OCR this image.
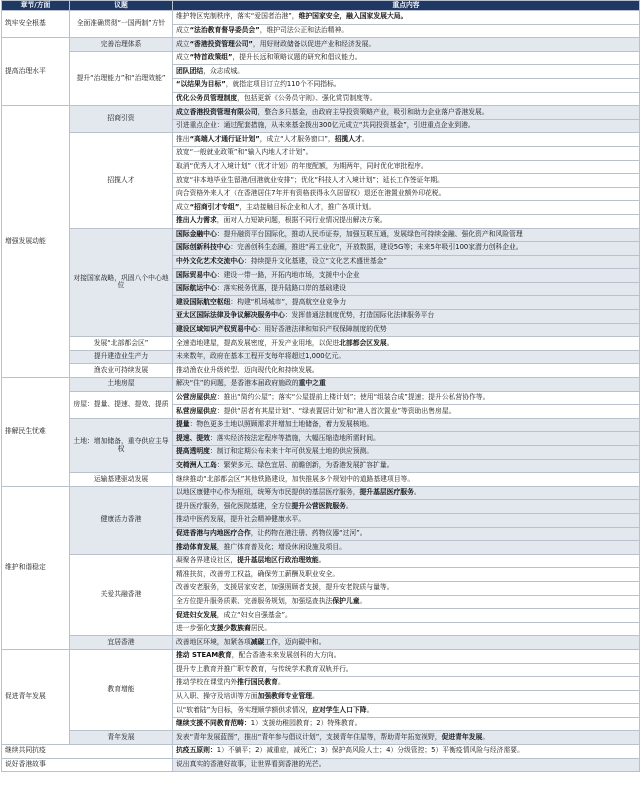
章节/方面	议题	重点内容
筑牢安全根基	全面准确贯彻“一国两制”方针	维护特区宪制秩序，落实“爱国者治港”，维护国家安全，融入国家发展大局。
		成立“法治教育督导委员会”，维护司法公正和法治精神。
提高治理水平	完善治理体系	成立“香港投资管理公司”，用好财政储备以促进产业和经济发展。
	提升“治理能力”和“治理效能”	成立“特首政策组”，提升长远和策略议题的研究和倡议能力。
		团队团结，众志成城。
		“以结果为目标”，就指定项目订立约110个不同指标。
		优化公务员管理制度，包括更新《公务员守则》、强化赏罚制度等。
增强发展动能	招商引资	成立香港投资管理有限公司，整合多只基金，由政府主导投资策略产业，吸引和助力企业落户香港发展。
		引进重点企业：通过配套措施，从未来基金拨出300亿元成立“共同投资基金”，引进重点企业到港。
	招揽人才	推出“高端人才通行证计划”，成立“人才服务窗口”，招揽人才。
		放宽“一般就业政策”和“输入内地人才计划”。
		取消“优秀人才入境计划”（优才计划）的年度配额，为期两年，同时优化审批程序。
		放宽“非本地毕业生留港/回港就业安排”；优化“科技人才入境计划”；延长工作签证年期。
		向合资格外来人才（在香港居住7年并有资格获得永久居留权）退还在港置业额外印花税。
		成立“招商引才专组”，主动接触目标企业和人才，推广各项计划。
		推出人力需求，面对人力短缺问题，根据不同行业情况提出解决方案。
	对接国家战略，巩固八个中心地位	国际金融中心：提升融资平台国际化，推动人民币证券，加强互联互通，发展绿色可持续金融、强化资产和风险管理
		国际创新科技中心：完善创科生态圈，推进“再工业化”，开放数据，建设5G等；未来5年吸引100家潜力创科企业。
		中外文化艺术交流中心：持续提升文化基建，设立“文化艺术盛世基金”
		国际贸易中心：建设一带一路，开拓内地市场，支援中小企业
		国际航运中心：落实税务优惠，提升陆路口岸的基础建设
		建设国际航空枢纽：构建“机场城市”，提高航空业竞争力
		亚太区国际法律及争议解决服务中心：发挥普通法制度优势，打造国际化法律服务平台
		建设区域知识产权贸易中心：用好香港法律和知识产权保障制度的优势
	发展“北部都会区”	全速造地建屋，提高发展密度，开发产业用地，以促进北部都会区发展。
	提升建造业生产力	未来数年，政府在基本工程开支每年将超过1,000亿元。
	渔农业可持续发展	推动渔农业升级转型、迈向现代化和持续发展。
排解民生忧难	土地房屋	解决“住”的问题，是香港本届政府施政的重中之重
	房屋：提量、提速、提效、提质	公营房屋供应：推出“简约公屋”；落实“公屋提前上楼计划”；使用“组装合成”提速；提升公私营协作等。
		私营房屋供应：提供“居者有其屋计划”、“绿表置居计划”和“港人首次置业”等资助出售房屋。
	土地：增加储备，重夺供应主导权	提量：物色更多土地以照顾需求并增加土地储备，着力发展核地。
		提速、提效：落实经济按法定程序等措施，大幅压缩造地所需时间。
		提高透明度：制订和定期公布未来十年可供发展土地的供应预测。
		交椅洲人工岛：繁荣多元、绿色宜居、前瞻创新，为香港发展扩容扩量。
	运输基建驱动发展	继续推动“北部都会区”其他铁路建设，加快推展多个规划中的道路基建项目等。
维护和谐稳定	健康活力香港	以地区康健中心作为枢纽，统筹为市民提供的基层医疗服务，提升基层医疗服务。
		提升医疗服务，强化医院基建，全方位提升公营医院服务。
		推动中医药发展，提升社会精神健康水平。
		促进香港与内地医疗合作，让药物在港注册、药物仪器“过河”。
		推动体育发展，推广体育普及化；增设休闲设施及项目。
	关爱共融香港	凝聚各界建设社区，提升基层地区行政治理效能。
		精准扶贫，改善劳工权益，确保劳工薪酬及职业安全。
		改善安老服务，支援居家安老，加强照顾者支援，提升安老院质与量等。
		全方位提升服务质素、完善服务规划，加强巡查执法保护儿童。
		促进妇女发展，成立“妇女自强基金”。
		进一步强化支援少数族裔居民。
	宜居香港	改善地区环境，加紧各项减碳工作，迈向碳中和。
促进青年发展	教育增能	推动 STEAM教育，配合香港未来发展创科的大方向。
		提升专上教育并推广职专教育，与传统学术教育双轨并行。
		推动学校在课堂内外推行国民教育。
		从入职、操守及培训等方面加强教师专业管理。
		以“软着陆”为目标，务实理顺学额供求情况，应对学生人口下降。
		继续支援不同教育范畴：1）支援幼稚园教育；2）特殊教育。
	青年发展	发表“青年发展蓝图”，推出“青年参与倡议计划”，支援青年住屋等，帮助青年拓宽视野，促进青年发展。
继续共同抗疫		抗疫五原则：1）不躺平；2）减重症，减死亡；3）保护高风险人士；4）分级管控；5）平衡疫情风险与经济需要。
说好香港故事		说出真实的香港好故事，让世界看到香港的光芒。
